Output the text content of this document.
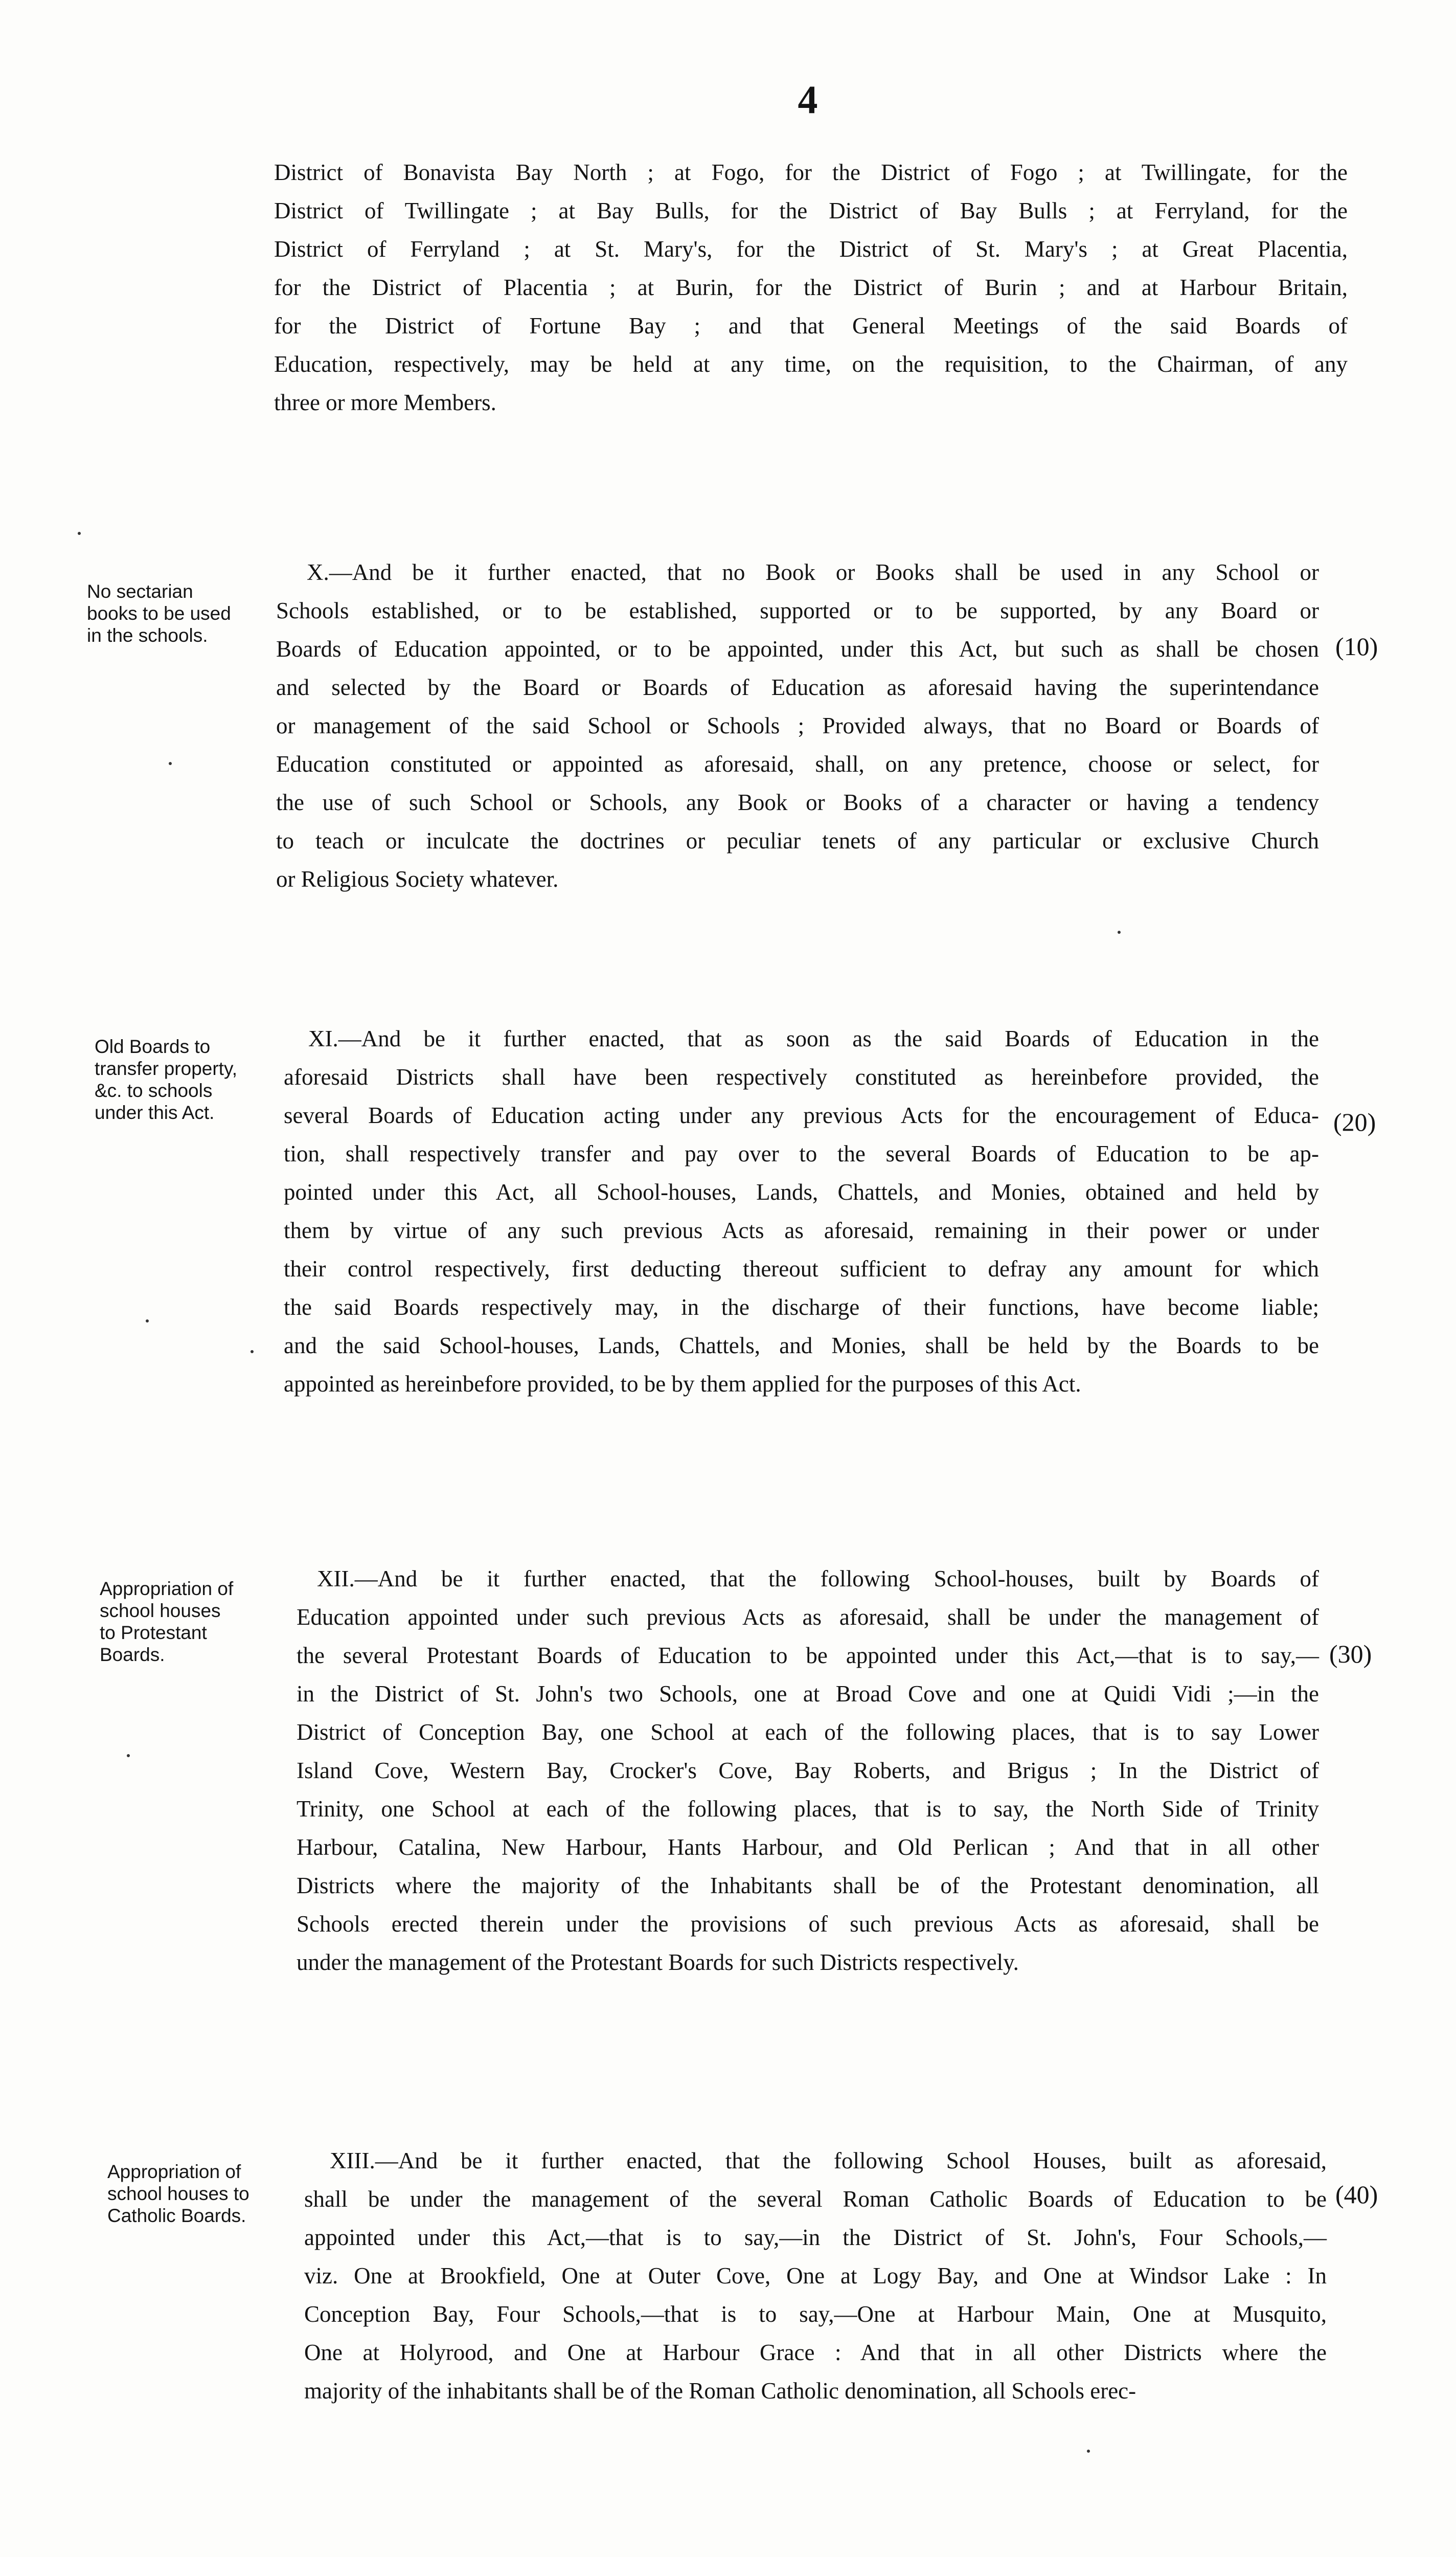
4
District of Bonavista Bay North ; at Fogo, for the District of Fogo ; at Twillingate, for the
District of Twillingate ; at Bay Bulls, for the District of Bay Bulls ; at Ferryland, for the
District of Ferryland ; at St. Mary's, for the District of St. Mary's ; at Great Placentia,
for the District of Placentia ; at Burin, for the District of Burin ; and at Harbour Britain,
for the District of Fortune Bay ; and that General Meetings of the said Boards of
Education, respectively, may be held at any time, on the requisition, to the Chairman, of any
three or more Members.
No sectarian
books to be used
in the schools.
X.—And be it further enacted, that no Book or Books shall be used in any School or
Schools established, or to be established, supported or to be supported, by any Board or
Boards of Education appointed, or to be appointed, under this Act, but such as shall be chosen
and selected by the Board or Boards of Education as aforesaid having the superintendance
or management of the said School or Schools ; Provided always, that no Board or Boards of
Education constituted or appointed as aforesaid, shall, on any pretence, choose or select, for
the use of such School or Schools, any Book or Books of a character or having a tendency
to teach or inculcate the doctrines or peculiar tenets of any particular or exclusive Church
or Religious Society whatever.
(10)
Old Boards to
transfer property,
&c. to schools
under this Act.
XI.—And be it further enacted, that as soon as the said Boards of Education in the
aforesaid Districts shall have been respectively constituted as hereinbefore provided, the
several Boards of Education acting under any previous Acts for the encouragement of Educa-
tion, shall respectively transfer and pay over to the several Boards of Education to be ap-
pointed under this Act, all School-houses, Lands, Chattels, and Monies, obtained and held by
them by virtue of any such previous Acts as aforesaid, remaining in their power or under
their control respectively, first deducting thereout sufficient to defray any amount for which
the said Boards respectively may, in the discharge of their functions, have become liable;
and the said School-houses, Lands, Chattels, and Monies, shall be held by the Boards to be
appointed as hereinbefore provided, to be by them applied for the purposes of this Act.
(20)
Appropriation of
school houses
to Protestant
Boards.
XII.—And be it further enacted, that the following School-houses, built by Boards of
Education appointed under such previous Acts as aforesaid, shall be under the management of
the several Protestant Boards of Education to be appointed under this Act,—that is to say,—
in the District of St. John's two Schools, one at Broad Cove and one at Quidi Vidi ;—in the
District of Conception Bay, one School at each of the following places, that is to say Lower
Island Cove, Western Bay, Crocker's Cove, Bay Roberts, and Brigus ; In the District of
Trinity, one School at each of the following places, that is to say, the North Side of Trinity
Harbour, Catalina, New Harbour, Hants Harbour, and Old Perlican ; And that in all other
Districts where the majority of the Inhabitants shall be of the Protestant denomination, all
Schools erected therein under the provisions of such previous Acts as aforesaid, shall be
under the management of the Protestant Boards for such Districts respectively.
(30)
Appropriation of
school houses to
Catholic Boards.
XIII.—And be it further enacted, that the following School Houses, built as aforesaid,
shall be under the management of the several Roman Catholic Boards of Education to be
appointed under this Act,—that is to say,—in the District of St. John's, Four Schools,—
viz. One at Brookfield, One at Outer Cove, One at Logy Bay, and One at Windsor Lake : In
Conception Bay, Four Schools,—that is to say,—One at Harbour Main, One at Musquito,
One at Holyrood, and One at Harbour Grace : And that in all other Districts where the
majority of the inhabitants shall be of the Roman Catholic denomination, all Schools erec-
(40)
